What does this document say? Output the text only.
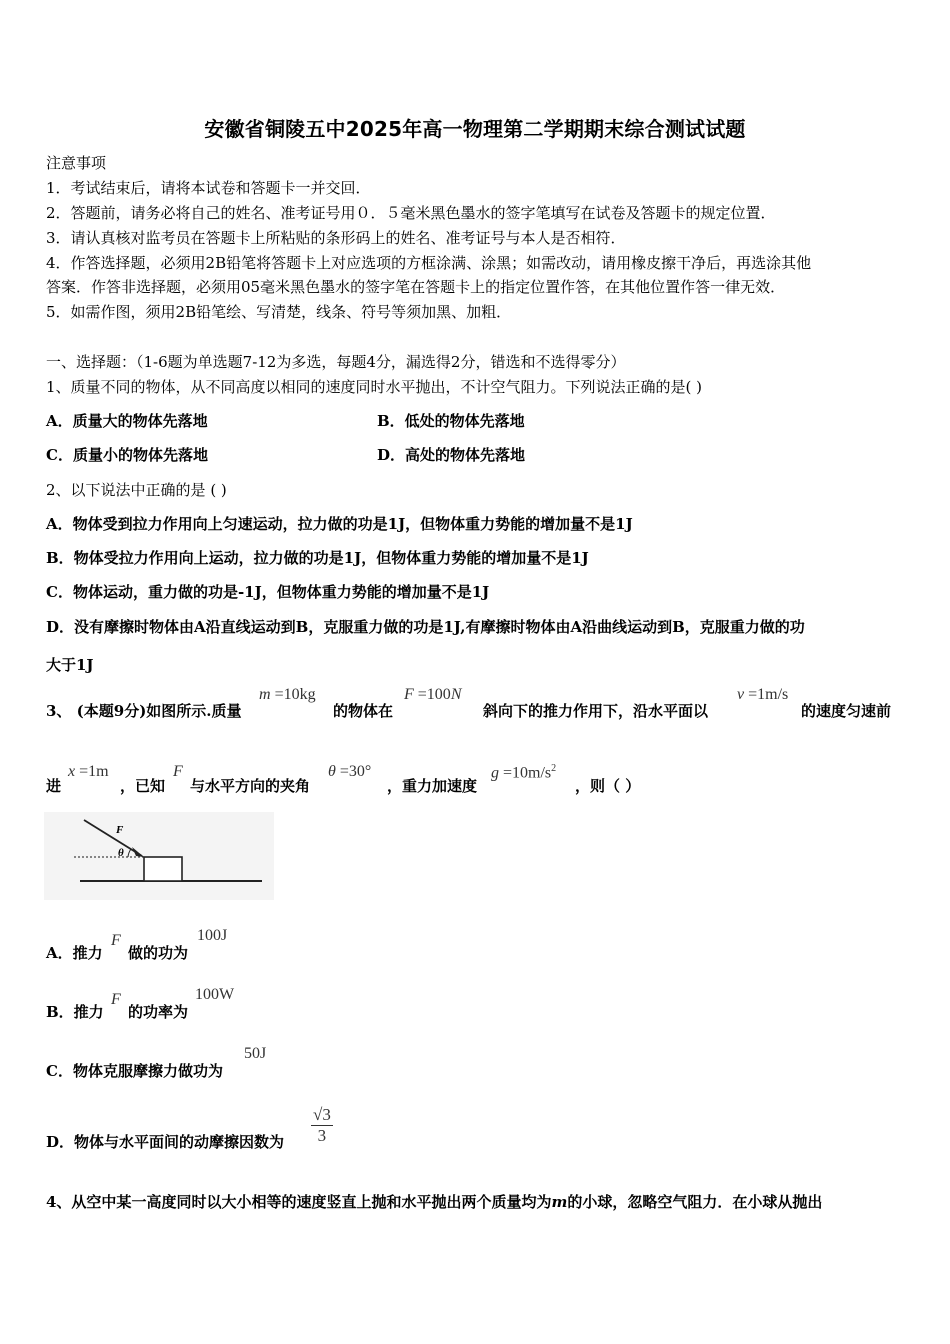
安徽省铜陵五中2025年高一物理第二学期期末综合测试试题
注意事项
1．考试结束后，请将本试卷和答题卡一并交回．
2．答题前，请务必将自己的姓名、准考证号用０．５毫米黑色墨水的签字笔填写在试卷及答题卡的规定位置．
3．请认真核对监考员在答题卡上所粘贴的条形码上的姓名、准考证号与本人是否相符．
4．作答选择题，必须用2B铅笔将答题卡上对应选项的方框涂满、涂黑；如需改动，请用橡皮擦干净后，再选涂其他
答案．作答非选择题，必须用05毫米黑色墨水的签字笔在答题卡上的指定位置作答，在其他位置作答一律无效．
5．如需作图，须用2B铅笔绘、写清楚，线条、符号等须加黑、加粗．
一、选择题：（1-6题为单选题7-12为多选，每题4分，漏选得2分，错选和不选得零分）
1、质量不同的物体，从不同高度以相同的速度同时水平抛出，不计空气阻力。下列说法正确的是( )
A．质量大的物体先落地	B．低处的物体先落地
C．质量小的物体先落地	D．高处的物体先落地
2、以下说法中正确的是 ( )
A．物体受到拉力作用向上匀速运动，拉力做的功是1J，但物体重力势能的增加量不是1J
B．物体受拉力作用向上运动，拉力做的功是1J，但物体重力势能的增加量不是1J
C．物体运动，重力做的功是-1J，但物体重力势能的增加量不是1J
D．没有摩擦时物体由A沿直线运动到B，克服重力做的功是1J,有摩擦时物体由A沿曲线运动到B，克服重力做的功
大于1J
3、 (本题9分)如图所示.质量
m =10kg
的物体在
F =100N
斜向下的推力作用下，沿水平面以
v =1m/s
的速度匀速前
进
x =1m
，已知
F
与水平方向的夹角
θ =30°
，重力加速度
$g =10m/s^2$
，则（ ）
F
θ
A．推力
F
做的功为
100J
B．推力
F
的功率为
100W
C．物体克服摩擦力做功为
50J
D．物体与水平面间的动摩擦因数为 $\frac{√3}{3}$
4、从空中某一高度同时以大小相等的速度竖直上抛和水平抛出两个质量均为m的小球，忽略空气阻力．在小球从抛出
